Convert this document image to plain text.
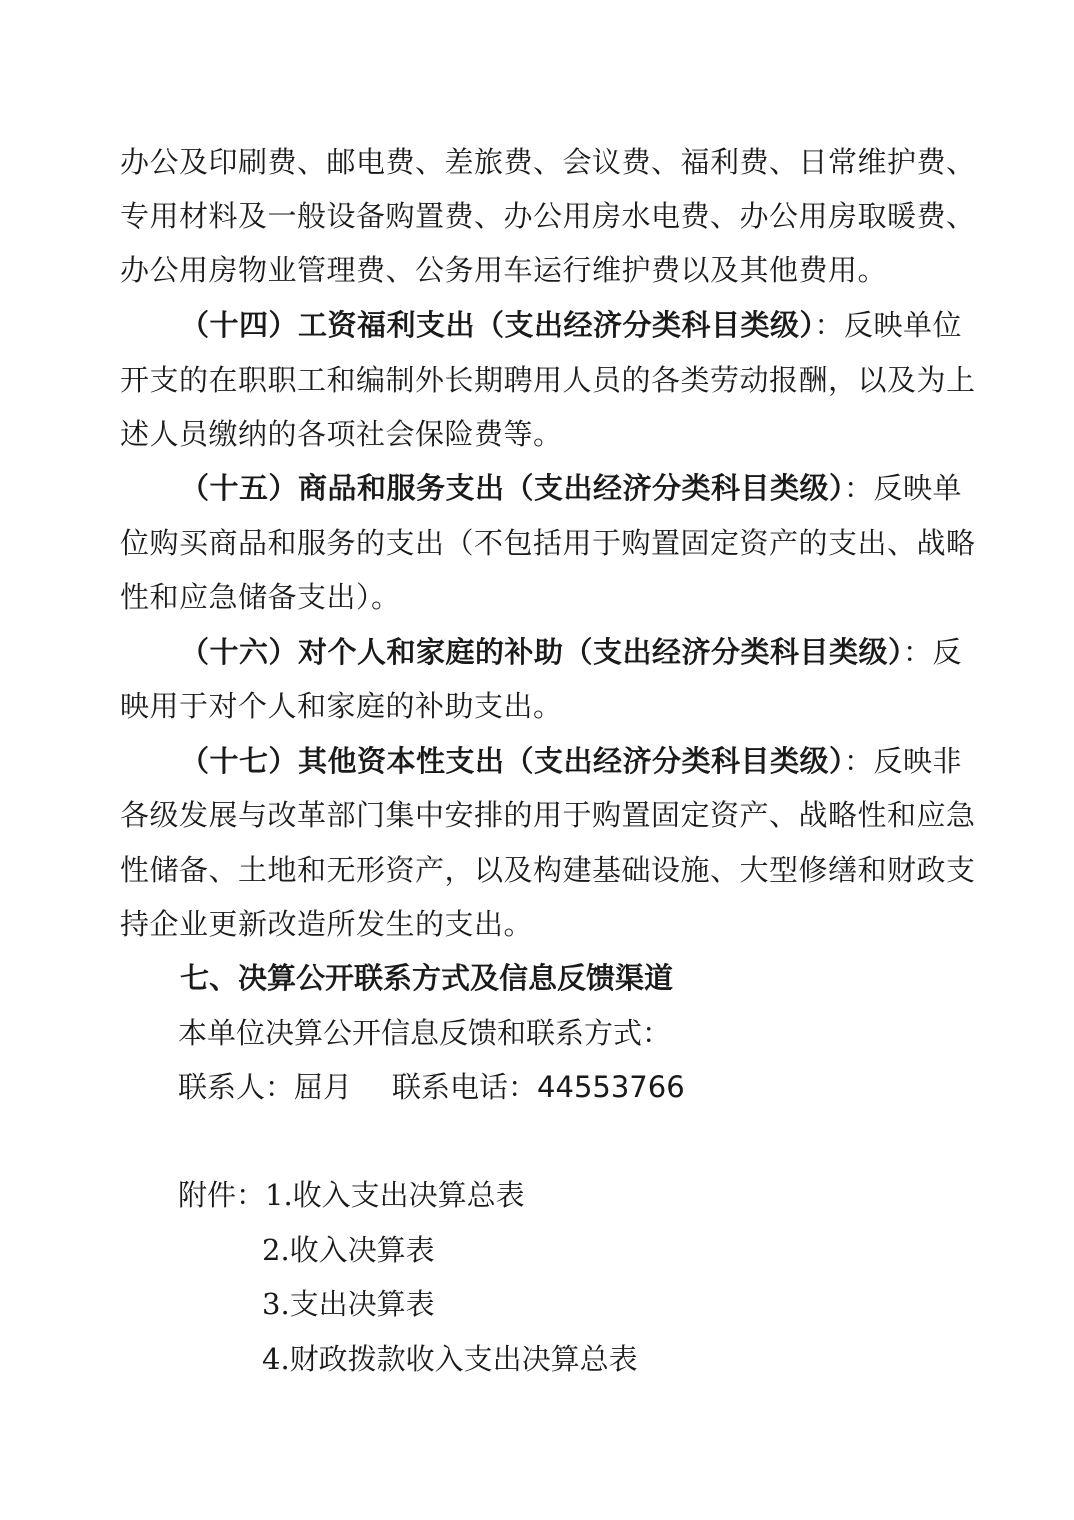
办公及印刷费、邮电费、差旅费、会议费、福利费、日常维护费、
专用材料及一般设备购置费、办公用房水电费、办公用房取暖费、
办公用房物业管理费、公务用车运行维护费以及其他费用。
（十四）工资福利支出（支出经济分类科目类级）：反映单位
开支的在职职工和编制外长期聘用人员的各类劳动报酬，以及为上
述人员缴纳的各项社会保险费等。
（十五）商品和服务支出（支出经济分类科目类级）：反映单
位购买商品和服务的支出（不包括用于购置固定资产的支出、战略
性和应急储备支出）。
（十六）对个人和家庭的补助（支出经济分类科目类级）：反
映用于对个人和家庭的补助支出。
（十七）其他资本性支出（支出经济分类科目类级）：反映非
各级发展与改革部门集中安排的用于购置固定资产、战略性和应急
性储备、土地和无形资产，以及构建基础设施、大型修缮和财政支
持企业更新改造所发生的支出。
七、决算公开联系方式及信息反馈渠道
本单位决算公开信息反馈和联系方式：
联系人：屈月 联系电话：44553766
附件：1.收入支出决算总表
2.收入决算表
3.支出决算表
4.财政拨款收入支出决算总表
